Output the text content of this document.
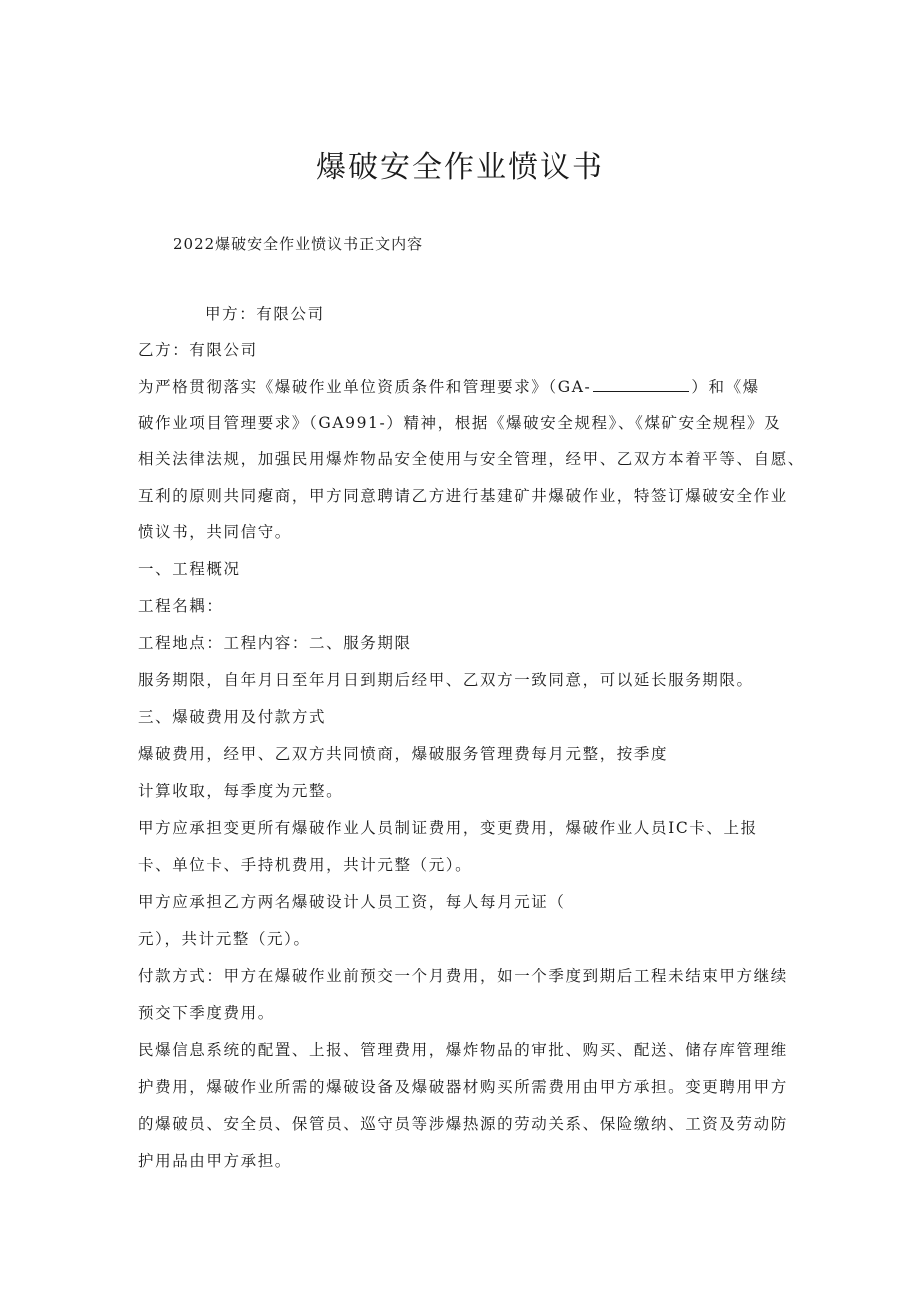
爆破安全作业愤议书
2022爆破安全作业愤议书正文内容
甲方：有限公司
乙方：有限公司
为严格贯彻落实《爆破作业单位资质条件和管理要求》（GA-	）和《爆
破作业项目管理要求》（GA991-）精神，根据《爆破安全规程》、《煤矿安全规程》及
相关法律法规，加强民用爆炸物品安全使用与安全管理，经甲、乙双方本着平等、自愿、
互利的原则共同瘪商，甲方同意聘请乙方进行基建矿井爆破作业，特签订爆破安全作业
愤议书，共同信守。
一、工程概况
工程名耦：
工程地点：工程内容：二、服务期限
服务期限，自年月日至年月日到期后经甲、乙双方一致同意，可以延长服务期限。
三、爆破费用及付款方式
爆破费用，经甲、乙双方共同愤商，爆破服务管理费每月元整，按季度
计算收取，每季度为元整。
甲方应承担变更所有爆破作业人员制证费用，变更费用，爆破作业人员IC卡、上报
卡、单位卡、手持机费用，共计元整（元）。
甲方应承担乙方两名爆破设计人员工资，每人每月元证（
元），共计元整（元）。
付款方式：甲方在爆破作业前预交一个月费用，如一个季度到期后工程未结束甲方继续
预交下季度费用。
民爆信息系统的配置、上报、管理费用，爆炸物品的审批、购买、配送、储存库管理维
护费用，爆破作业所需的爆破设备及爆破器材购买所需费用由甲方承担。变更聘用甲方
的爆破员、安全员、保管员、巡守员等涉爆热源的劳动关系、保险缴纳、工资及劳动防
护用品由甲方承担。
